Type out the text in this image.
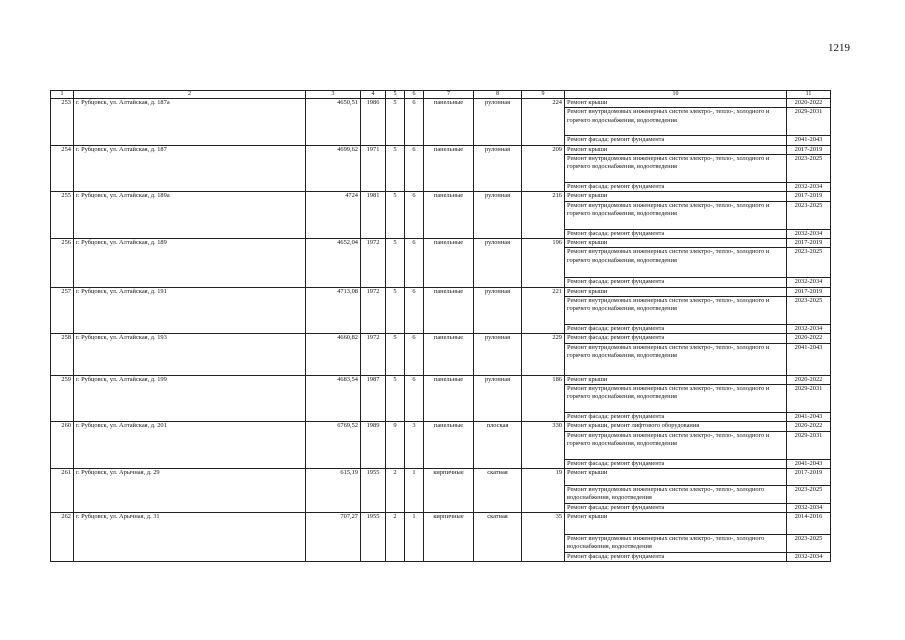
1219
1	2	3	4	5	6	7	8	9	10	11
253	г. Рубцовск, ул. Алтайская, д. 187а	4650,51	1986	5	6	панельные	рулонная	224	Ремонт крыши	2020-2022
									Ремонт внутридомовых инженерных систем электро-, тепло-, холодного и горячего водоснабжения, водоотведения	2029-2031
									Ремонт фасада; ремонт фундамента	2041-2043
254	г. Рубцовск, ул. Алтайская, д. 187	4699,62	1971	5	6	панельные	рулонная	209	Ремонт крыши	2017-2019
									Ремонт внутридомовых инженерных систем электро-, тепло-, холодного и горячего водоснабжения, водоотведения	2023-2025
									Ремонт фасада; ремонт фундамента	2032-2034
255	г. Рубцовск, ул. Алтайская, д. 189а	4724	1981	5	6	панельные	рулонная	216	Ремонт крыши	2017-2019
									Ремонт внутридомовых инженерных систем электро-, тепло-, холодного и горячего водоснабжения, водоотведения	2023-2025
									Ремонт фасада; ремонт фундамента	2032-2034
256	г. Рубцовск, ул. Алтайская, д. 189	4652,04	1972	5	6	панельные	рулонная	196	Ремонт крыши	2017-2019
									Ремонт внутридомовых инженерных систем электро-, тепло-, холодного и горячего водоснабжения, водоотведения	2023-2025
									Ремонт фасада; ремонт фундамента	2032-2034
257	г. Рубцовск, ул. Алтайская, д. 191	4713,08	1972	5	6	панельные	рулонная	221	Ремонт крыши	2017-2019
									Ремонт внутридомовых инженерных систем электро-, тепло-, холодного и горячего водоснабжения, водоотведения	2023-2025
									Ремонт фасада; ремонт фундамента	2032-2034
258	г. Рубцовск, ул. Алтайская, д. 193	4660,82	1972	5	6	панельные	рулонная	229	Ремонт фасада; ремонт фундамента	2020-2022
									Ремонт внутридомовых инженерных систем электро-, тепло-, холодного и горячего водоснабжения, водоотведения	2041-2043
259	г. Рубцовск, ул. Алтайская, д. 199	4683,54	1987	5	6	панельные	рулонная	186	Ремонт крыши	2020-2022
									Ремонт внутридомовых инженерных систем электро-, тепло-, холодного и горячего водоснабжения, водоотведения	2029-2031
									Ремонт фасада; ремонт фундамента	2041-2043
260	г. Рубцовск, ул. Алтайская, д. 201	6769,52	1989	9	3	панельные	плоская	330	Ремонт крыши, ремонт лифтового оборудования	2020-2022
									Ремонт внутридомовых инженерных систем электро-, тепло-, холодного и горячего водоснабжения, водоотведения	2029-2031
									Ремонт фасада; ремонт фундамента	2041-2043
261	г. Рубцовск, ул. Арычная, д. 29	615,19	1955	2	1	кирпичные	скатная	19	Ремонт крыши	2017-2019
									Ремонт внутридомовых инженерных систем электро-, тепло-, холодного водоснабжения, водоотведения	2023-2025
									Ремонт фасада; ремонт фундамента	2032-2034
262	г. Рубцовск, ул. Арычная, д. 31	707,27	1955	2	1	кирпичные	скатная	35	Ремонт крыши	2014-2016
									Ремонт внутридомовых инженерных систем электро-, тепло-, холодного водоснабжения, водоотведения	2023-2025
									Ремонт фасада; ремонт фундамента	2032-2034
